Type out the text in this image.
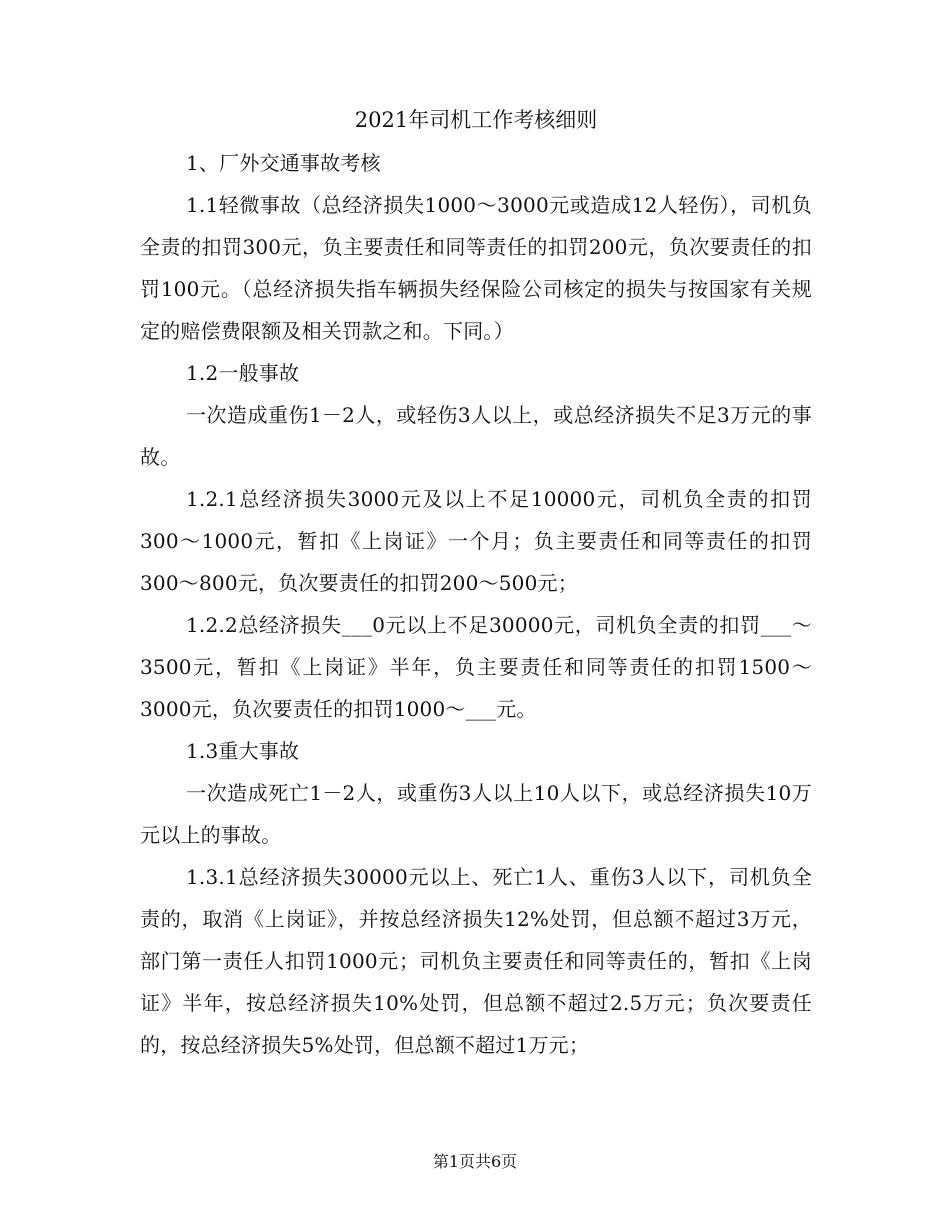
2021年司机工作考核细则

1、厂外交通事故考核

1.1轻微事故（总经济损失1000～3000元或造成12人轻伤），司机负全责的扣罚300元，负主要责任和同等责任的扣罚200元，负次要责任的扣罚100元。（总经济损失指车辆损失经保险公司核定的损失与按国家有关规定的赔偿费限额及相关罚款之和。下同。）

1.2一般事故

一次造成重伤1－2人，或轻伤3人以上，或总经济损失不足3万元的事故。

1.2.1总经济损失3000元及以上不足10000元，司机负全责的扣罚300～1000元，暂扣《上岗证》一个月；负主要责任和同等责任的扣罚300～800元，负次要责任的扣罚200～500元；

1.2.2总经济损失___0元以上不足30000元，司机负全责的扣罚___～3500元，暂扣《上岗证》半年，负主要责任和同等责任的扣罚1500～3000元，负次要责任的扣罚1000～___元。

1.3重大事故

一次造成死亡1－2人，或重伤3人以上10人以下，或总经济损失10万元以上的事故。

1.3.1总经济损失30000元以上、死亡1人、重伤3人以下，司机负全责的，取消《上岗证》，并按总经济损失12%处罚，但总额不超过3万元，部门第一责任人扣罚1000元；司机负主要责任和同等责任的，暂扣《上岗证》半年，按总经济损失10%处罚，但总额不超过2.5万元；负次要责任的，按总经济损失5%处罚，但总额不超过1万元；

第1页共6页
